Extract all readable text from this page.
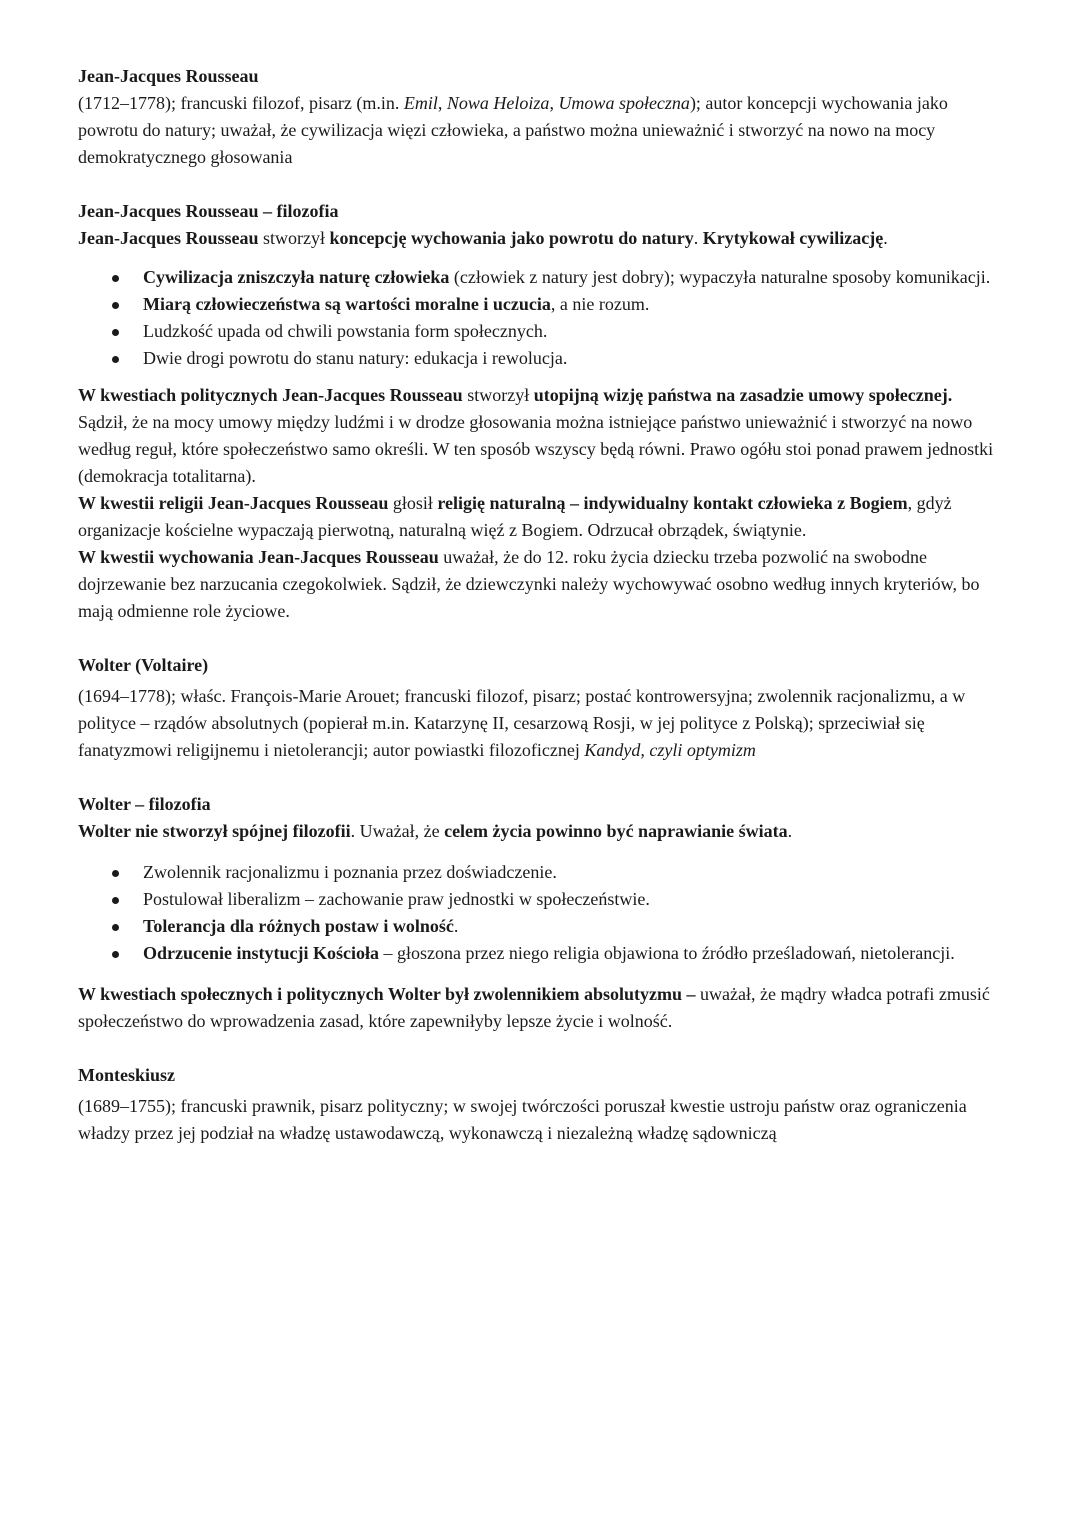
Jean-Jacques Rousseau

(1712–1778); francuski filozof, pisarz (m.in. Emil, Nowa Heloiza, Umowa społeczna); autor koncepcji wychowania jako powrotu do natury; uważał, że cywilizacja więzi człowieka, a państwo można unieważnić i stworzyć na nowo na mocy demokratycznego głosowania

Jean-Jacques Rousseau – filozofia

Jean-Jacques Rousseau stworzył koncepcję wychowania jako powrotu do natury. Krytykował cywilizację.

Cywilizacja zniszczyła naturę człowieka (człowiek z natury jest dobry); wypaczyła naturalne sposoby komunikacji.
Miarą człowieczeństwa są wartości moralne i uczucia, a nie rozum.
Ludzkość upada od chwili powstania form społecznych.
Dwie drogi powrotu do stanu natury: edukacja i rewolucja.

W kwestiach politycznych Jean-Jacques Rousseau stworzył utopijną wizję państwa na zasadzie umowy społecznej. Sądził, że na mocy umowy między ludźmi i w drodze głosowania można istniejące państwo unieważnić i stworzyć na nowo według reguł, które społeczeństwo samo określi. W ten sposób wszyscy będą równi. Prawo ogółu stoi ponad prawem jednostki (demokracja totalitarna).

W kwestii religii Jean-Jacques Rousseau głosił religię naturalną – indywidualny kontakt człowieka z Bogiem, gdyż organizacje kościelne wypaczają pierwotną, naturalną więź z Bogiem. Odrzucał obrządek, świątynie.

W kwestii wychowania Jean-Jacques Rousseau uważał, że do 12. roku życia dziecku trzeba pozwolić na swobodne dojrzewanie bez narzucania czegokolwiek. Sądził, że dziewczynki należy wychowywać osobno według innych kryteriów, bo mają odmienne role życiowe.

Wolter (Voltaire)

(1694–1778); właśc. François-Marie Arouet; francuski filozof, pisarz; postać kontrowersyjna; zwolennik racjonalizmu, a w polityce – rządów absolutnych (popierał m.in. Katarzynę II, cesarzową Rosji, w jej polityce z Polską); sprzeciwiał się fanatyzmowi religijnemu i nietolerancji; autor powiastki filozoficznej Kandyd, czyli optymizm

Wolter – filozofia

Wolter nie stworzył spójnej filozofii. Uważał, że celem życia powinno być naprawianie świata.

Zwolennik racjonalizmu i poznania przez doświadczenie.
Postulował liberalizm – zachowanie praw jednostki w społeczeństwie.
Tolerancja dla różnych postaw i wolność.
Odrzucenie instytucji Kościoła – głoszona przez niego religia objawiona to źródło prześladowań, nietolerancji.

W kwestiach społecznych i politycznych Wolter był zwolennikiem absolutyzmu – uważał, że mądry władca potrafi zmusić społeczeństwo do wprowadzenia zasad, które zapewniłyby lepsze życie i wolność.

Monteskiusz

(1689–1755); francuski prawnik, pisarz polityczny; w swojej twórczości poruszał kwestie ustroju państw oraz ograniczenia władzy przez jej podział na władzę ustawodawczą, wykonawczą i niezależną władzę sądowniczą
